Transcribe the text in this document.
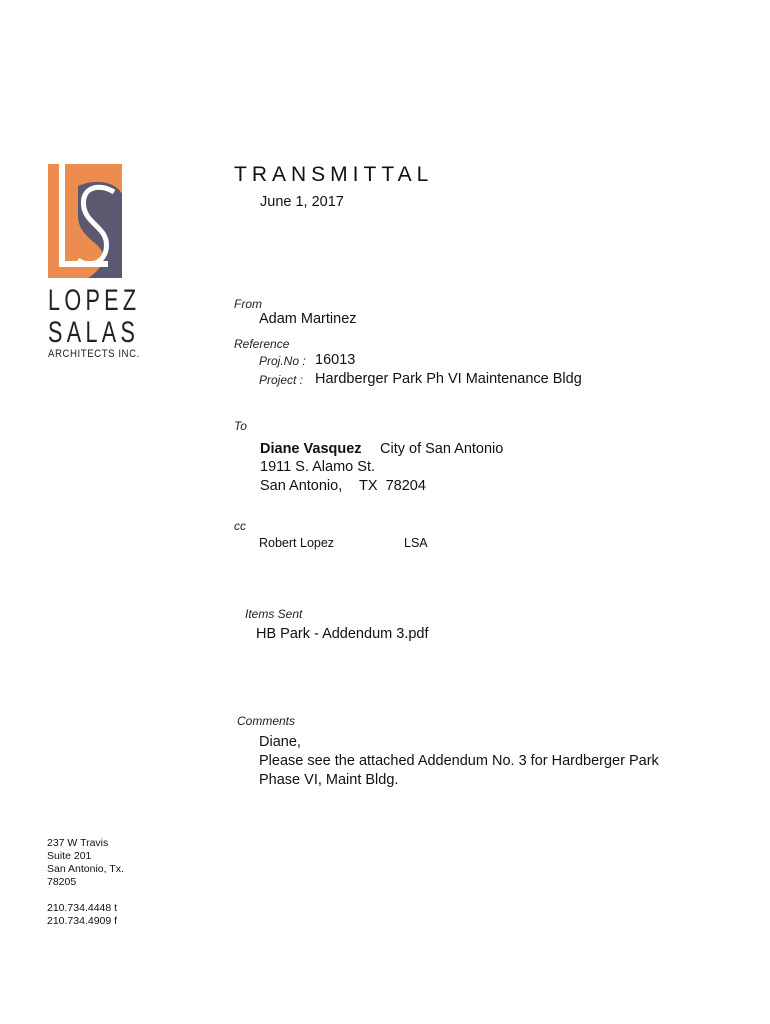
LOPEZ
SALAS
ARCHITECTS INC.
TRANSMITTAL
June 1, 2017
From
Adam Martinez
Reference
Proj.No : 16013
Project : Hardberger Park Ph VI Maintenance Bldg
To
Diane Vasquez City of San Antonio
1911 S. Alamo St.
San Antonio, TX  78204
cc
Robert Lopez	LSA
Items Sent
HB Park - Addendum 3.pdf
Comments
Diane,
Please see the attached Addendum No. 3 for Hardberger Park
Phase VI, Maint Bldg.
237 W Travis
Suite 201
San Antonio, Tx.
78205
210.734.4448 t
210.734.4909 f
